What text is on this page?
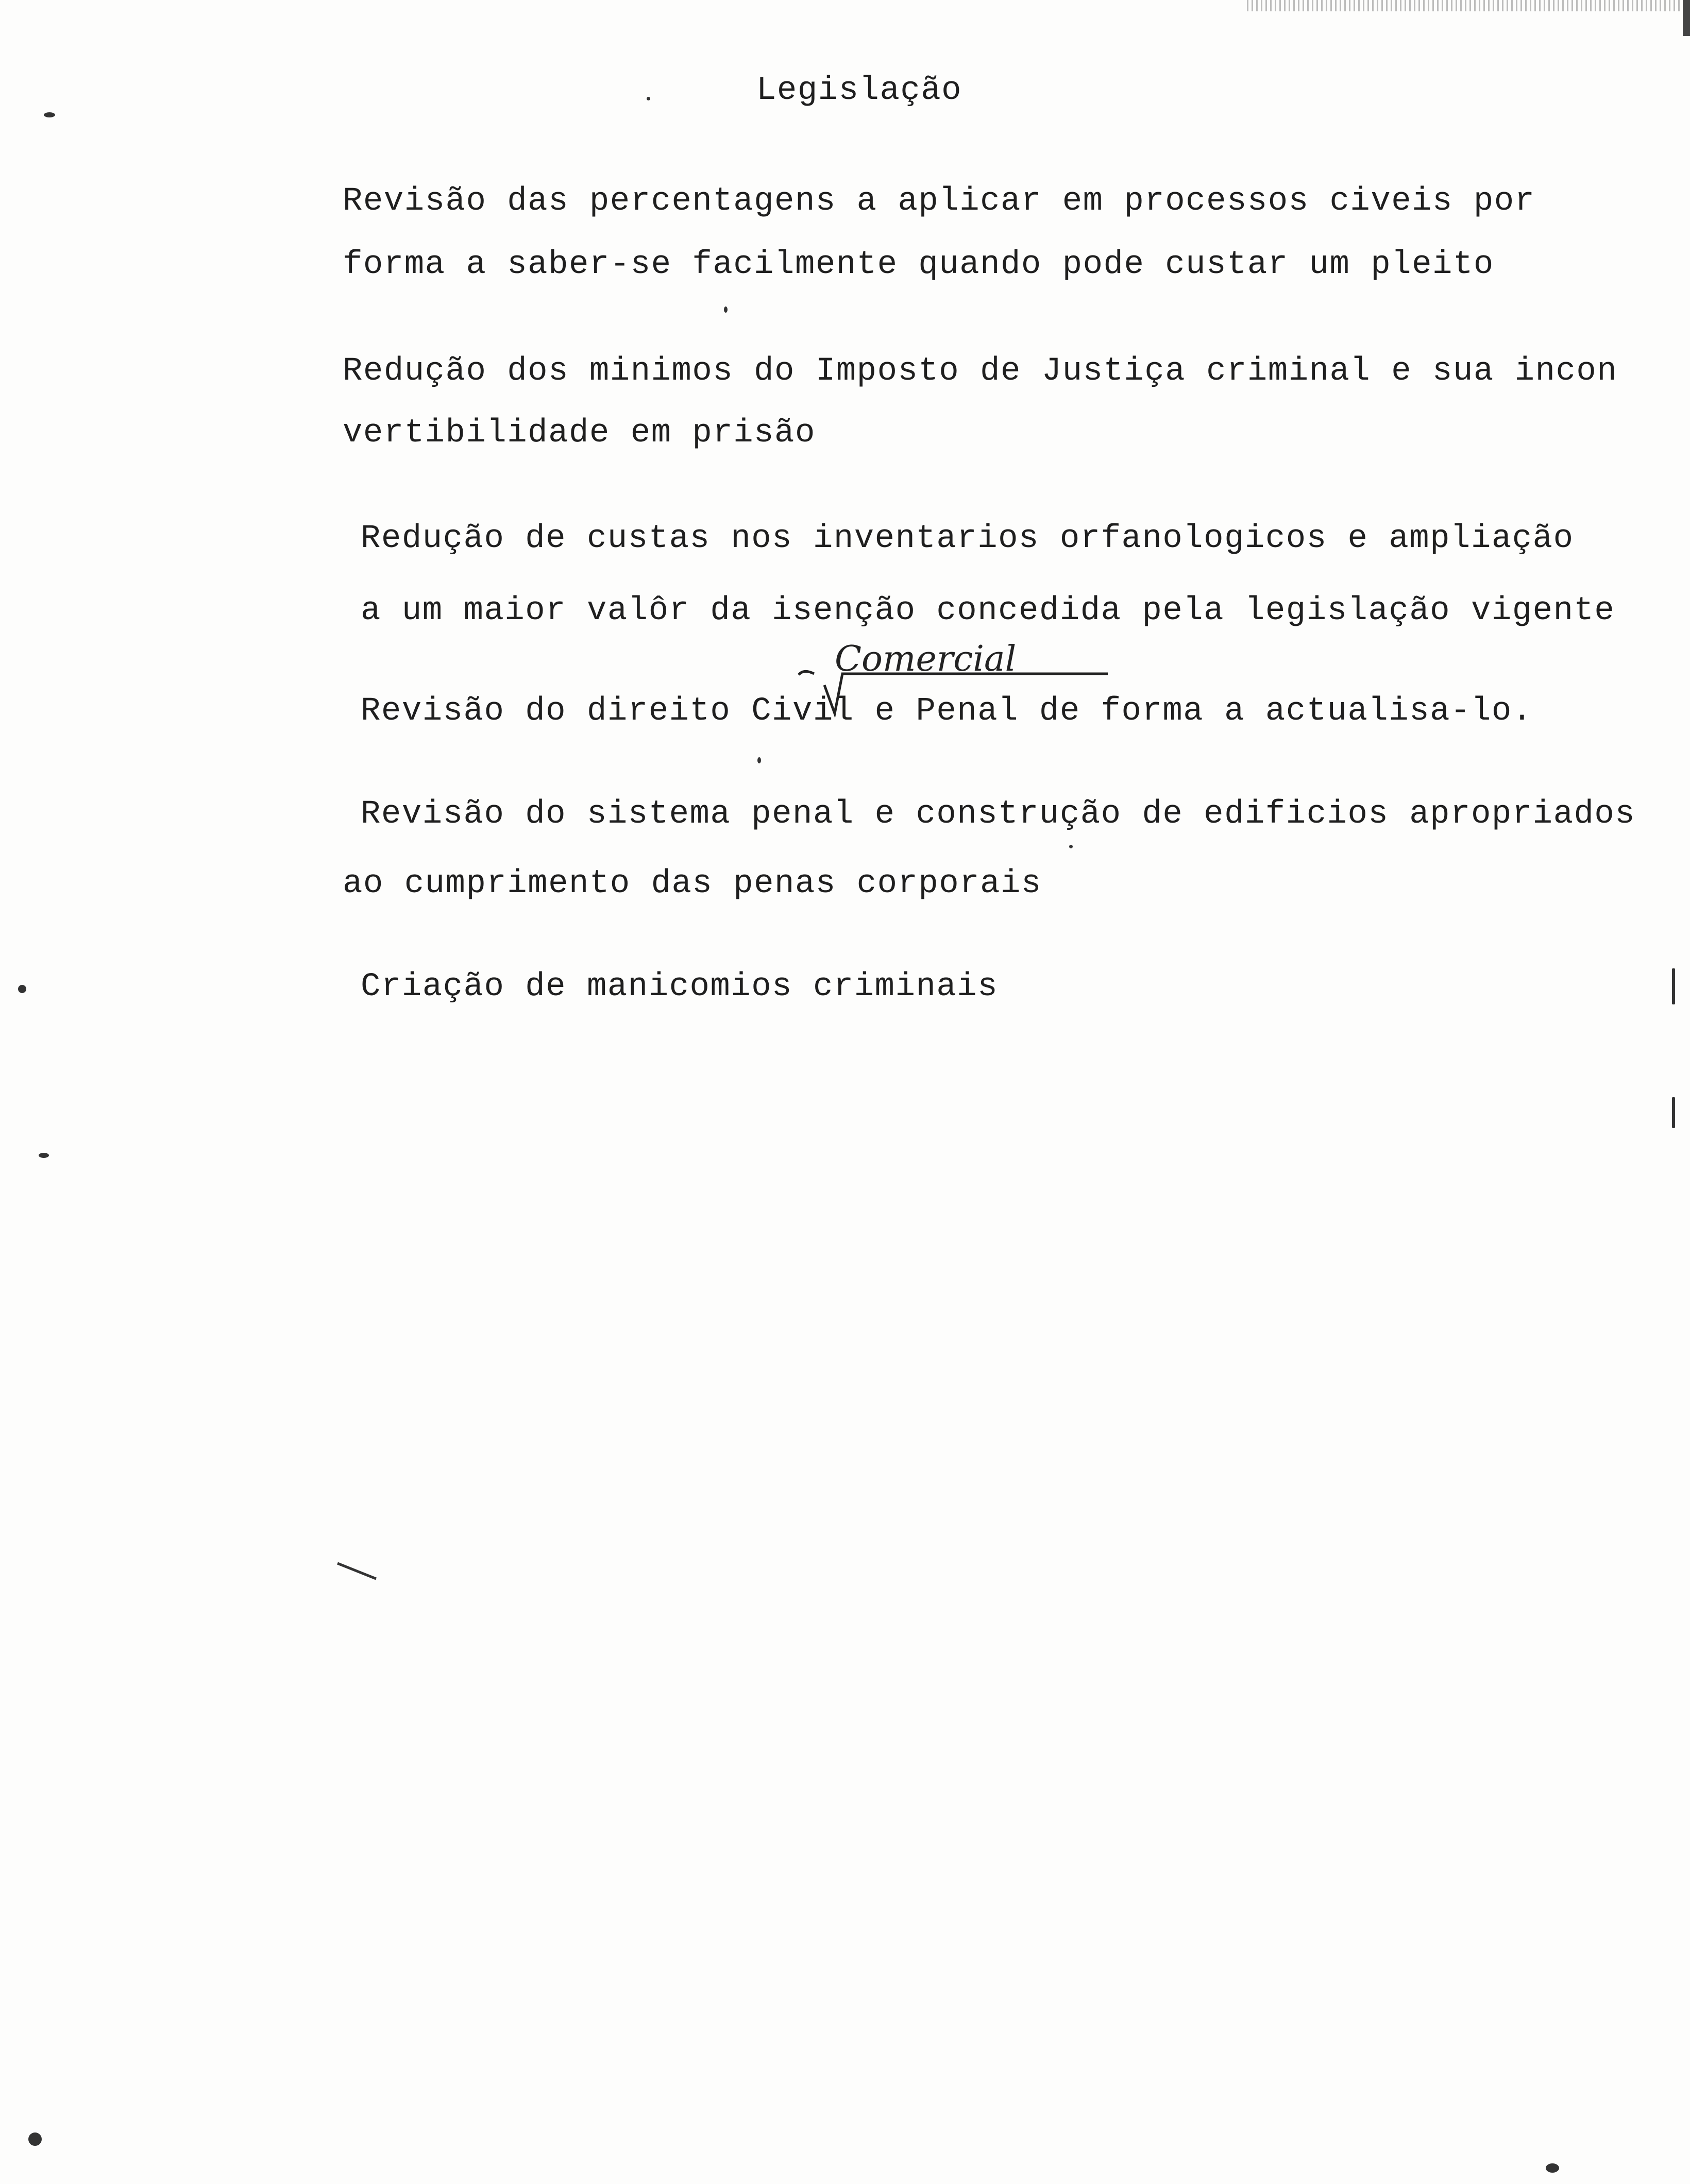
Legislação
Revisão das percentagens a aplicar em processos civeis por
forma a saber-se facilmente quando pode custar um pleito
Redução dos minimos do Imposto de Justiça criminal e sua incon
vertibilidade em prisão
Redução de custas nos inventarios orfanologicos e ampliação
a um maior valôr da isenção concedida pela legislação vigente
Comercial
Revisão do direito Civil e Penal de forma a actualisa-lo.
Revisão do sistema penal e construção de edificios apropriados
ao cumprimento das penas corporais
Criação de manicomios criminais
